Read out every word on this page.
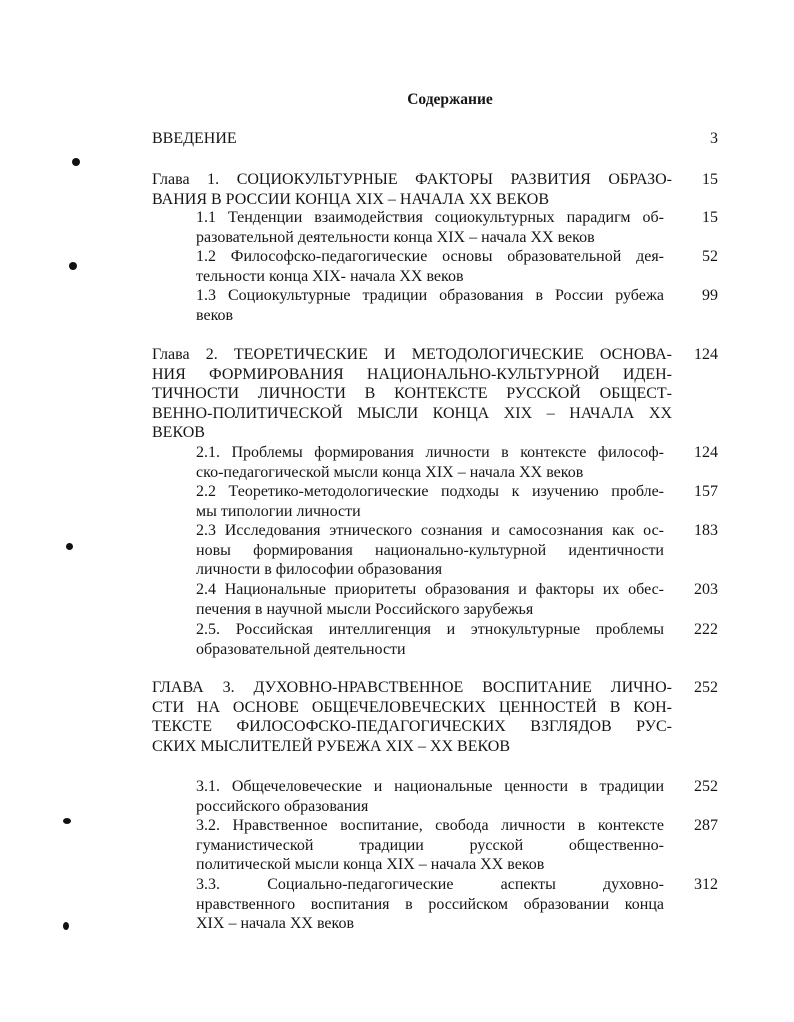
Содержание
ВВЕДЕНИЕ	3
Глава 1. СОЦИОКУЛЬТУРНЫЕ ФАКТОРЫ РАЗВИТИЯ ОБРАЗО-
ВАНИЯ В РОССИИ КОНЦА XIX – НАЧАЛА XX ВЕКОВ
15
1.1 Тенденции взаимодействия социокультурных парадигм об-
разовательной деятельности конца XIX – начала XX веков
15
1.2 Философско-педагогические основы образовательной дея-
тельности конца XIX- начала XX веков
52
1.3 Социокультурные традиции образования в России рубежа
веков
99
Глава 2. ТЕОРЕТИЧЕСКИЕ И МЕТОДОЛОГИЧЕСКИЕ ОСНОВА-
НИЯ ФОРМИРОВАНИЯ НАЦИОНАЛЬНО-КУЛЬТУРНОЙ ИДЕН-
ТИЧНОСТИ ЛИЧНОСТИ В КОНТЕКСТЕ РУССКОЙ ОБЩЕСТ-
ВЕННО-ПОЛИТИЧЕСКОЙ МЫСЛИ КОНЦА XIX – НАЧАЛА XX
ВЕКОВ
124
2.1. Проблемы формирования личности в контексте философ-
ско-педагогической мысли конца XIX – начала XX веков
124
2.2 Теоретико-методологические подходы к изучению пробле-
мы типологии личности
157
2.3 Исследования этнического сознания и самосознания как ос-
новы формирования национально-культурной идентичности
личности в философии образования
183
2.4 Национальные приоритеты образования и факторы их обес-
печения в научной мысли Российского зарубежья
203
2.5. Российская интеллигенция и этнокультурные проблемы
образовательной деятельности
222
ГЛАВА 3. ДУХОВНО-НРАВСТВЕННОЕ ВОСПИТАНИЕ ЛИЧНО-
СТИ НА ОСНОВЕ ОБЩЕЧЕЛОВЕЧЕСКИХ ЦЕННОСТЕЙ В КОН-
ТЕКСТЕ ФИЛОСОФСКО-ПЕДАГОГИЧЕСКИХ ВЗГЛЯДОВ РУС-
СКИХ МЫСЛИТЕЛЕЙ РУБЕЖА XIX – XX ВЕКОВ
252
3.1. Общечеловеческие и национальные ценности в традиции
российского образования
252
3.2. Нравственное воспитание, свобода личности в контексте
гуманистической традиции русской общественно-
политической мысли конца XIX – начала XX веков
287
3.3. Социально-педагогические аспекты духовно-
нравственного воспитания в российском образовании конца
XIX – начала XX веков
312
